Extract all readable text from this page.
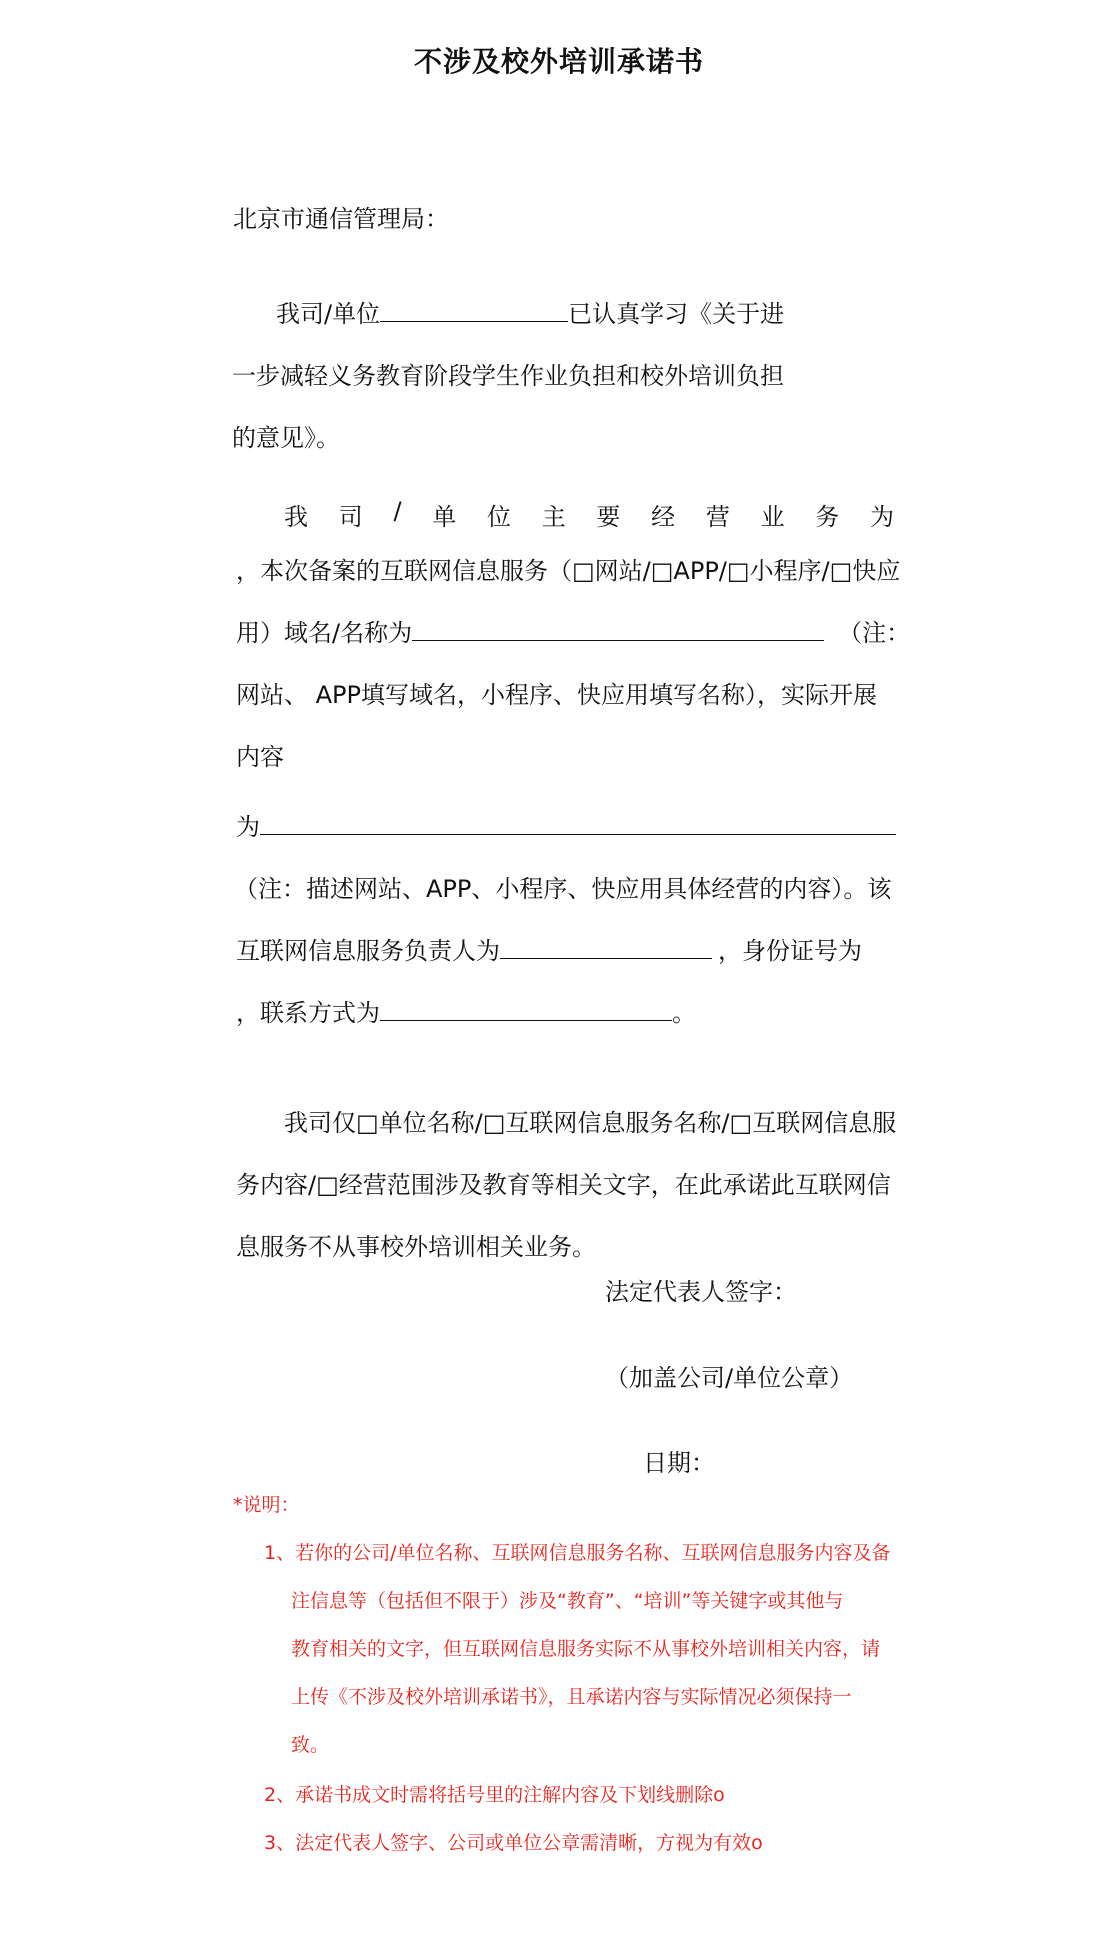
不涉及校外培训承诺书
北京市通信管理局：
我司/单位	已认真学习《关于进
一步减轻义务教育阶段学生作业负担和校外培训负担
的意见》。
我 司 / 单 位 主 要 经 营 业 务 为
，本次备案的互联网信息服务（□网站/□APP/□小程序/□快应
用）域名/名称为	（注：
网站、 APP填写域名，小程序、快应用填写名称），实际开展
内容
为
（注：描述网站、APP、小程序、快应用具体经营的内容）。该
互联网信息服务负责人为	，身份证号为
，联系方式为	。
我司仅□单位名称/□互联网信息服务名称/□互联网信息服
务内容/□经营范围涉及教育等相关文字，在此承诺此互联网信
息服务不从事校外培训相关业务。
法定代表人签字：
（加盖公司/单位公章）
日期：
*说明：
1、若你的公司/单位名称、互联网信息服务名称、互联网信息服务内容及备
注信息等（包括但不限于）涉及“教育”、“培训”等关键字或其他与
教育相关的文字，但互联网信息服务实际不从事校外培训相关内容，请
上传《不涉及校外培训承诺书》，且承诺内容与实际情况必须保持一
致。
2、承诺书成文时需将括号里的注解内容及下划线删除o
3、法定代表人签字、公司或单位公章需清晰，方视为有效o
